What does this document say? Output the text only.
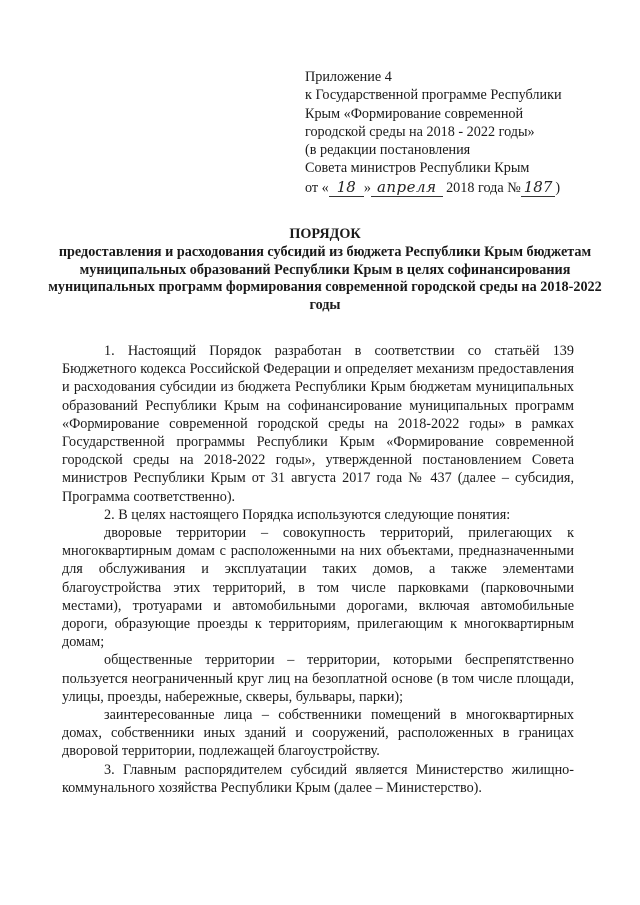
Приложение 4
к Государственной программе Республики
Крым «Формирование современной
городской среды на 2018 - 2022 годы»
(в редакции постановления
Совета министров Республики Крым
от « 18 » апреля 2018 года № 187 )
ПОРЯДОК
предоставления и расходования субсидий из бюджета Республики Крым бюджетам муниципальных образований Республики Крым в целях софинансирования муниципальных программ формирования современной городской среды на 2018-2022 годы

1. Настоящий Порядок разработан в соответствии со статьёй 139 Бюджетного кодекса Российской Федерации и определяет механизм предоставления и расходования субсидии из бюджета Республики Крым бюджетам муниципальных образований Республики Крым на софинансирование муниципальных программ «Формирование современной городской среды на 2018-2022 годы» в рамках Государственной программы Республики Крым «Формирование современной городской среды на 2018-2022 годы», утвержденной постановлением Совета министров Республики Крым от 31 августа 2017 года № 437 (далее – субсидия, Программа соответственно).

2. В целях настоящего Порядка используются следующие понятия:

дворовые территории – совокупность территорий, прилегающих к многоквартирным домам с расположенными на них объектами, предназначенными для обслуживания и эксплуатации таких домов, а также элементами благоустройства этих территорий, в том числе парковками (парковочными местами), тротуарами и автомобильными дорогами, включая автомобильные дороги, образующие проезды к территориям, прилегающим к многоквартирным домам;

общественные территории – территории, которыми беспрепятственно пользуется неограниченный круг лиц на безоплатной основе (в том числе площади, улицы, проезды, набережные, скверы, бульвары, парки);

заинтересованные лица – собственники помещений в многоквартирных домах, собственники иных зданий и сооружений, расположенных в границах дворовой территории, подлежащей благоустройству.

3. Главным распорядителем субсидий является Министерство жилищно-коммунального хозяйства Республики Крым (далее – Министерство).
